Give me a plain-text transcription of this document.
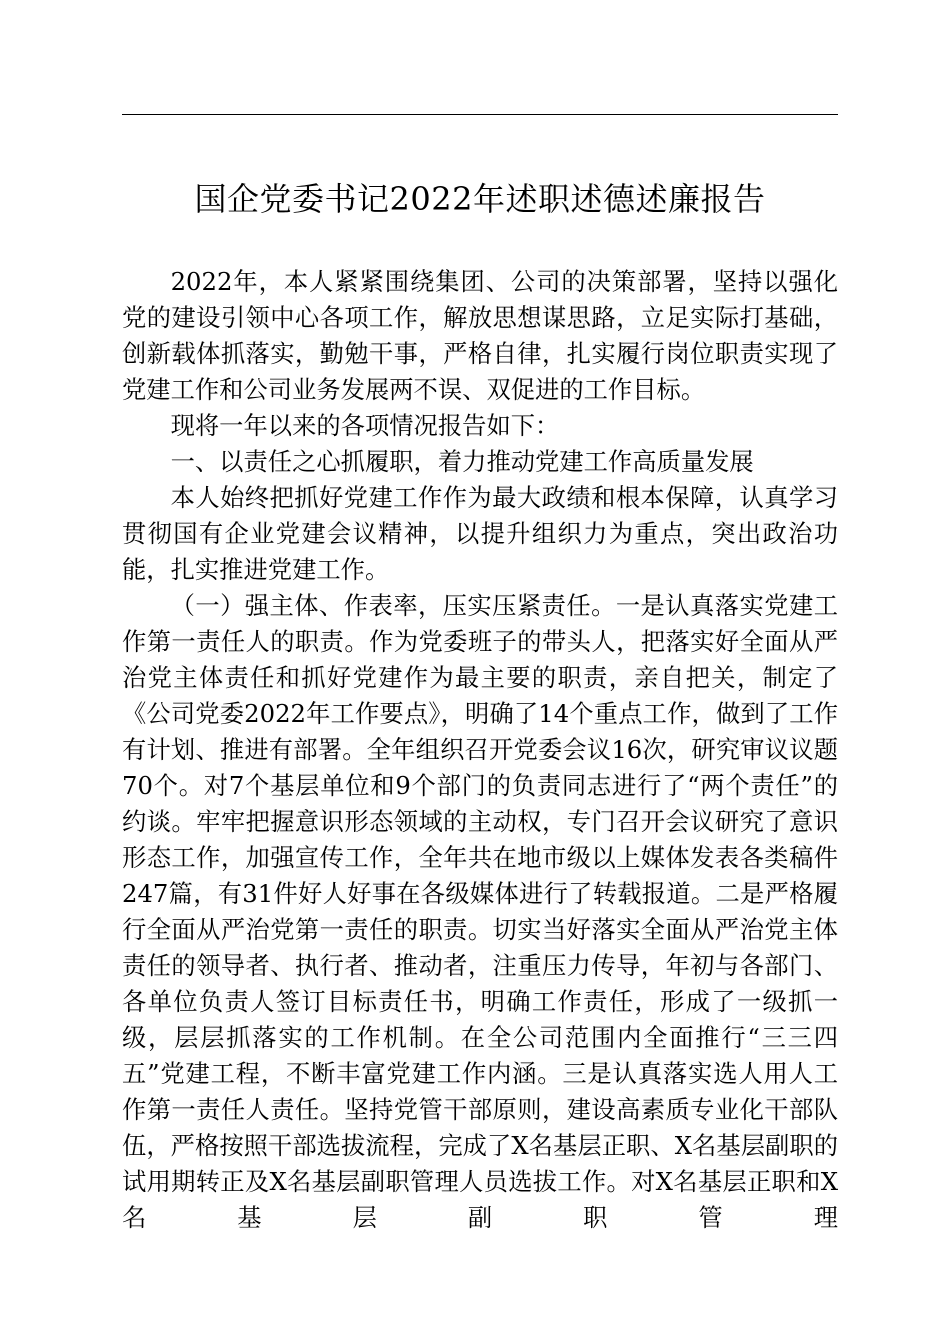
国企党委书记2022年述职述德述廉报告

2022年，本人紧紧围绕集团、公司的决策部署，坚持以强化党的建设引领中心各项工作，解放思想谋思路，立足实际打基础，创新载体抓落实，勤勉干事，严格自律，扎实履行岗位职责实现了党建工作和公司业务发展两不误、双促进的工作目标。

现将一年以来的各项情况报告如下：

一、以责任之心抓履职，着力推动党建工作高质量发展

本人始终把抓好党建工作作为最大政绩和根本保障，认真学习贯彻国有企业党建会议精神，以提升组织力为重点，突出政治功能，扎实推进党建工作。

（一）强主体、作表率，压实压紧责任。一是认真落实党建工作第一责任人的职责。作为党委班子的带头人，把落实好全面从严治党主体责任和抓好党建作为最主要的职责，亲自把关，制定了《公司党委2022年工作要点》，明确了14个重点工作，做到了工作有计划、推进有部署。全年组织召开党委会议16次，研究审议议题70个。对7个基层单位和9个部门的负责同志进行了“两个责任”的约谈。牢牢把握意识形态领域的主动权，专门召开会议研究了意识形态工作，加强宣传工作，全年共在地市级以上媒体发表各类稿件247篇，有31件好人好事在各级媒体进行了转载报道。二是严格履行全面从严治党第一责任的职责。切实当好落实全面从严治党主体责任的领导者、执行者、推动者，注重压力传导，年初与各部门、各单位负责人签订目标责任书，明确工作责任，形成了一级抓一级，层层抓落实的工作机制。在全公司范围内全面推行“三三四五”党建工程，不断丰富党建工作内涵。三是认真落实选人用人工作第一责任人责任。坚持党管干部原则，建设高素质专业化干部队伍，严格按照干部选拔流程，完成了X名基层正职、X名基层副职的试用期转正及X名基层副职管理人员选拔工作。对X名基层正职和X名基层副职管理
